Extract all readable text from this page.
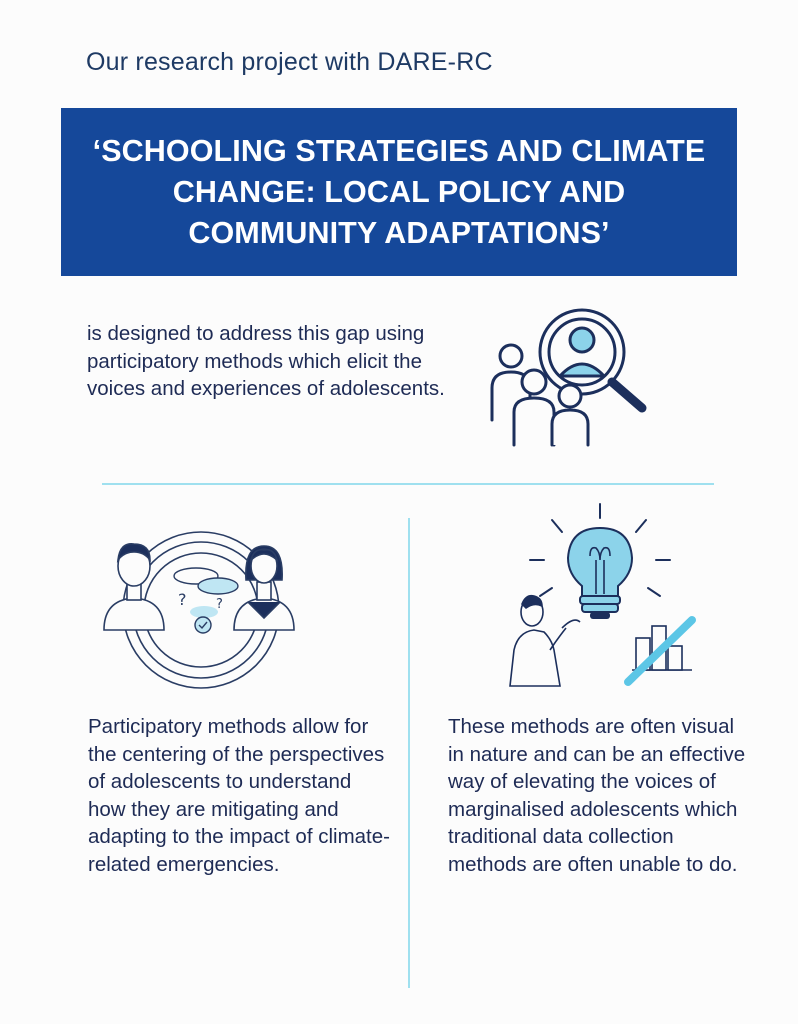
Our research project with DARE-RC
‘SCHOOLING STRATEGIES AND CLIMATE CHANGE: LOCAL POLICY AND COMMUNITY ADAPTATIONS’
is designed to address this gap using participatory methods which elicit the voices and experiences of adolescents.
? ?
Participatory methods allow for the centering of the perspectives of adolescents to understand how they are mitigating and adapting to the impact of climate-related emergencies.
These methods are often visual in nature and can be an effective way of elevating the voices of marginalised adolescents which traditional data collection methods are often unable to do.
